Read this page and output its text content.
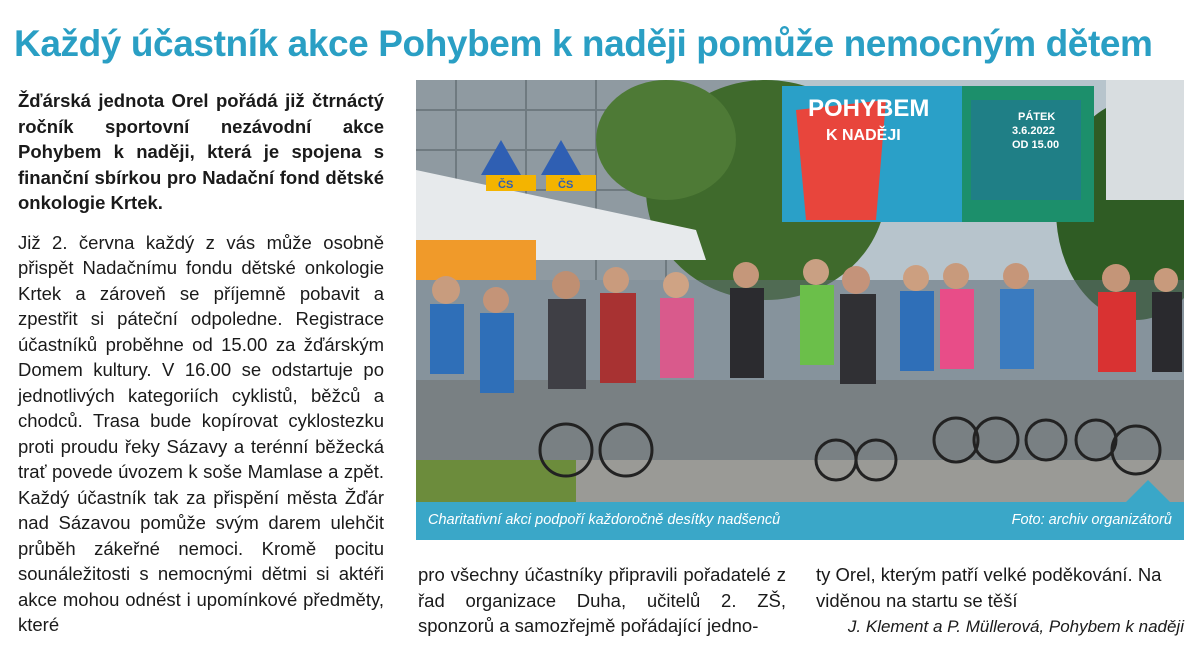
Každý účastník akce Pohybem k naději pomůže nemocným dětem

Žďárská jednota Orel pořádá již čtrnáctý ročník sportovní nezávodní akce Pohybem k naději, která je spojena s finanční sbírkou pro Nadační fond dětské onkologie Krtek.

Již 2. června každý z vás může osobně přispět Nadačnímu fondu dětské onkologie Krtek a zároveň se příjemně pobavit a zpestřit si páteční odpoledne. Registrace účastníků proběhne od 15.00 za žďárským Domem kultury. V 16.00 se odstartuje po jednotlivých kategoriích cyklistů, běžců a chodců. Trasa bude kopírovat cyklostezku proti proudu řeky Sázavy a terénní běžecká trať povede úvozem k soše Mamlase a zpět. Každý účastník tak za přispění města Žďár nad Sázavou pomůže svým darem ulehčit průběh zákeřné nemoci. Kromě pocitu sounáležitosti s nemocnými dětmi si aktéři akce mohou odnést i upomínkové předměty, které

POHYBEM
K NADĚJI
PÁTEK
3.6.2022
OD 15.00
ČS	ČS
Charitativní akci podpoří každoročně desítky nadšenců	Foto: archiv organizátorů

pro všechny účastníky připravili pořadatelé z řad organizace Duha, učitelů 2. ZŠ, sponzorů a samozřejmě pořádající jedno-

ty Orel, kterým patří velké poděkování. Na viděnou na startu se těší

J. Klement a P. Müllerová, Pohybem k naději
